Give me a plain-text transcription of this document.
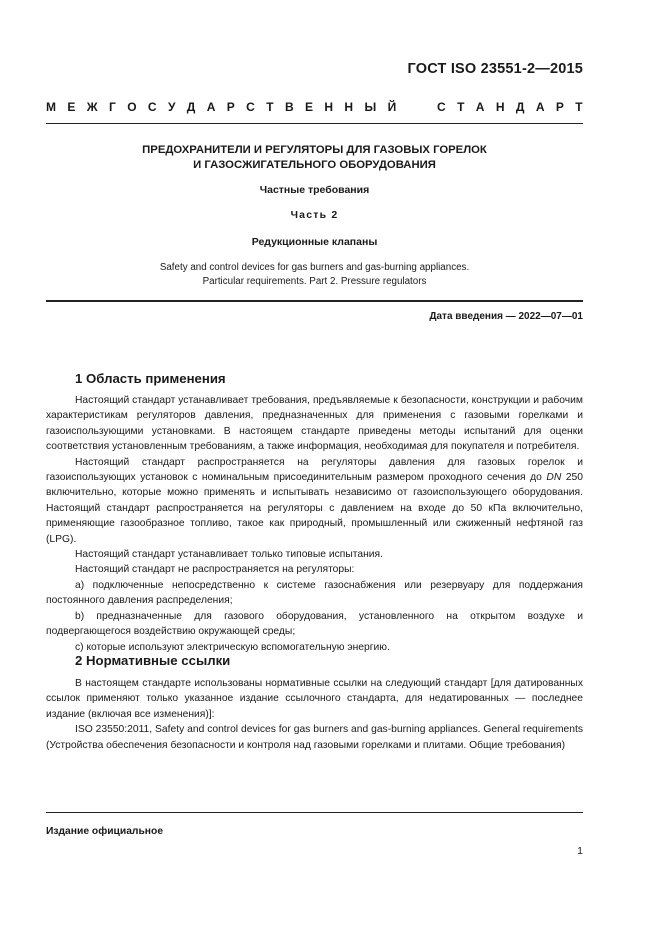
ГОСТ ISO 23551-2—2015
М Е Ж Г О С У Д А Р С Т В Е Н Н Ы Й

	С Т А Н Д А Р Т
ПРЕДОХРАНИТЕЛИ И РЕГУЛЯТОРЫ ДЛЯ ГАЗОВЫХ ГОРЕЛОК
И ГАЗОСЖИГАТЕЛЬНОГО ОБОРУДОВАНИЯ
Частные требования
Часть 2
Редукционные клапаны
Safety and control devices for gas burners and gas-burning appliances.
Particular requirements. Part 2. Pressure regulators
Дата введения — 2022—07—01
1 Область применения

Настоящий стандарт устанавливает требования, предъявляемые к безопасности, конструкции и рабочим характеристикам регуляторов давления, предназначенных для применения с газовыми горелками и газоиспользующими установками. В настоящем стандарте приведены методы испытаний для оценки соответствия установленным требованиям, а также информация, необходимая для покупателя и потребителя.

Настоящий стандарт распространяется на регуляторы давления для газовых горелок и газоиспользующих установок с номинальным присоединительным размером проходного сечения до DN 250 включительно, которые можно применять и испытывать независимо от газоиспользующего оборудования. Настоящий стандарт распространяется на регуляторы с давлением на входе до 50 кПа включительно, применяющие газообразное топливо, такое как природный, промышленный или сжиженный нефтяной газ (LPG).

Настоящий стандарт устанавливает только типовые испытания.

Настоящий стандарт не распространяется на регуляторы:

а) подключенные непосредственно к системе газоснабжения или резервуару для поддержания постоянного давления распределения;

b) предназначенные для газового оборудования, установленного на открытом воздухе и подвергающегося воздействию окружающей среды;

c) которые используют электрическую вспомогательную энергию.

2 Нормативные ссылки

В настоящем стандарте использованы нормативные ссылки на следующий стандарт [для датированных ссылок применяют только указанное издание ссылочного стандарта, для недатированных — последнее издание (включая все изменения)]:

ISO 23550:2011, Safety and control devices for gas burners and gas-burning appliances. General requirements (Устройства обеспечения безопасности и контроля над газовыми горелками и плитами. Общие требования)

Издание официальное
1
